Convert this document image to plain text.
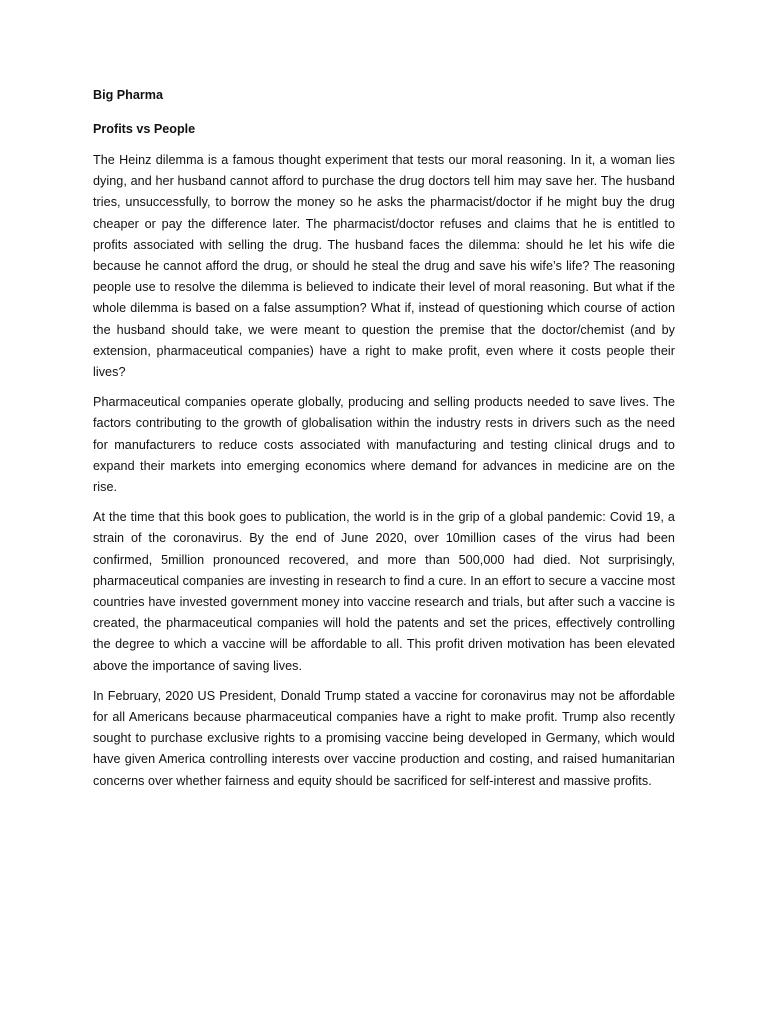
Big Pharma
Profits vs People

The Heinz dilemma is a famous thought experiment that tests our moral reasoning. In it, a woman lies dying, and her husband cannot afford to purchase the drug doctors tell him may save her. The husband tries, unsuccessfully, to borrow the money so he asks the pharmacist/doctor if he might buy the drug cheaper or pay the difference later. The pharmacist/doctor refuses and claims that he is entitled to profits associated with selling the drug. The husband faces the dilemma: should he let his wife die because he cannot afford the drug, or should he steal the drug and save his wife’s life? The reasoning people use to resolve the dilemma is believed to indicate their level of moral reasoning. But what if the whole dilemma is based on a false assumption? What if, instead of questioning which course of action the husband should take, we were meant to question the premise that the doctor/chemist (and by extension, pharmaceutical companies) have a right to make profit, even where it costs people their lives?

Pharmaceutical companies operate globally, producing and selling products needed to save lives. The factors contributing to the growth of globalisation within the industry rests in drivers such as the need for manufacturers to reduce costs associated with manufacturing and testing clinical drugs and to expand their markets into emerging economics where demand for advances in medicine are on the rise.

At the time that this book goes to publication, the world is in the grip of a global pandemic: Covid 19, a strain of the coronavirus. By the end of June 2020, over 10million cases of the virus had been confirmed, 5million pronounced recovered, and more than 500,000 had died. Not surprisingly, pharmaceutical companies are investing in research to find a cure. In an effort to secure a vaccine most countries have invested government money into vaccine research and trials, but after such a vaccine is created, the pharmaceutical companies will hold the patents and set the prices, effectively controlling the degree to which a vaccine will be affordable to all. This profit driven motivation has been elevated above the importance of saving lives.

In February, 2020 US President, Donald Trump stated a vaccine for coronavirus may not be affordable for all Americans because pharmaceutical companies have a right to make profit. Trump also recently sought to purchase exclusive rights to a promising vaccine being developed in Germany, which would have given America controlling interests over vaccine production and costing, and raised humanitarian concerns over whether fairness and equity should be sacrificed for self-interest and massive profits.
